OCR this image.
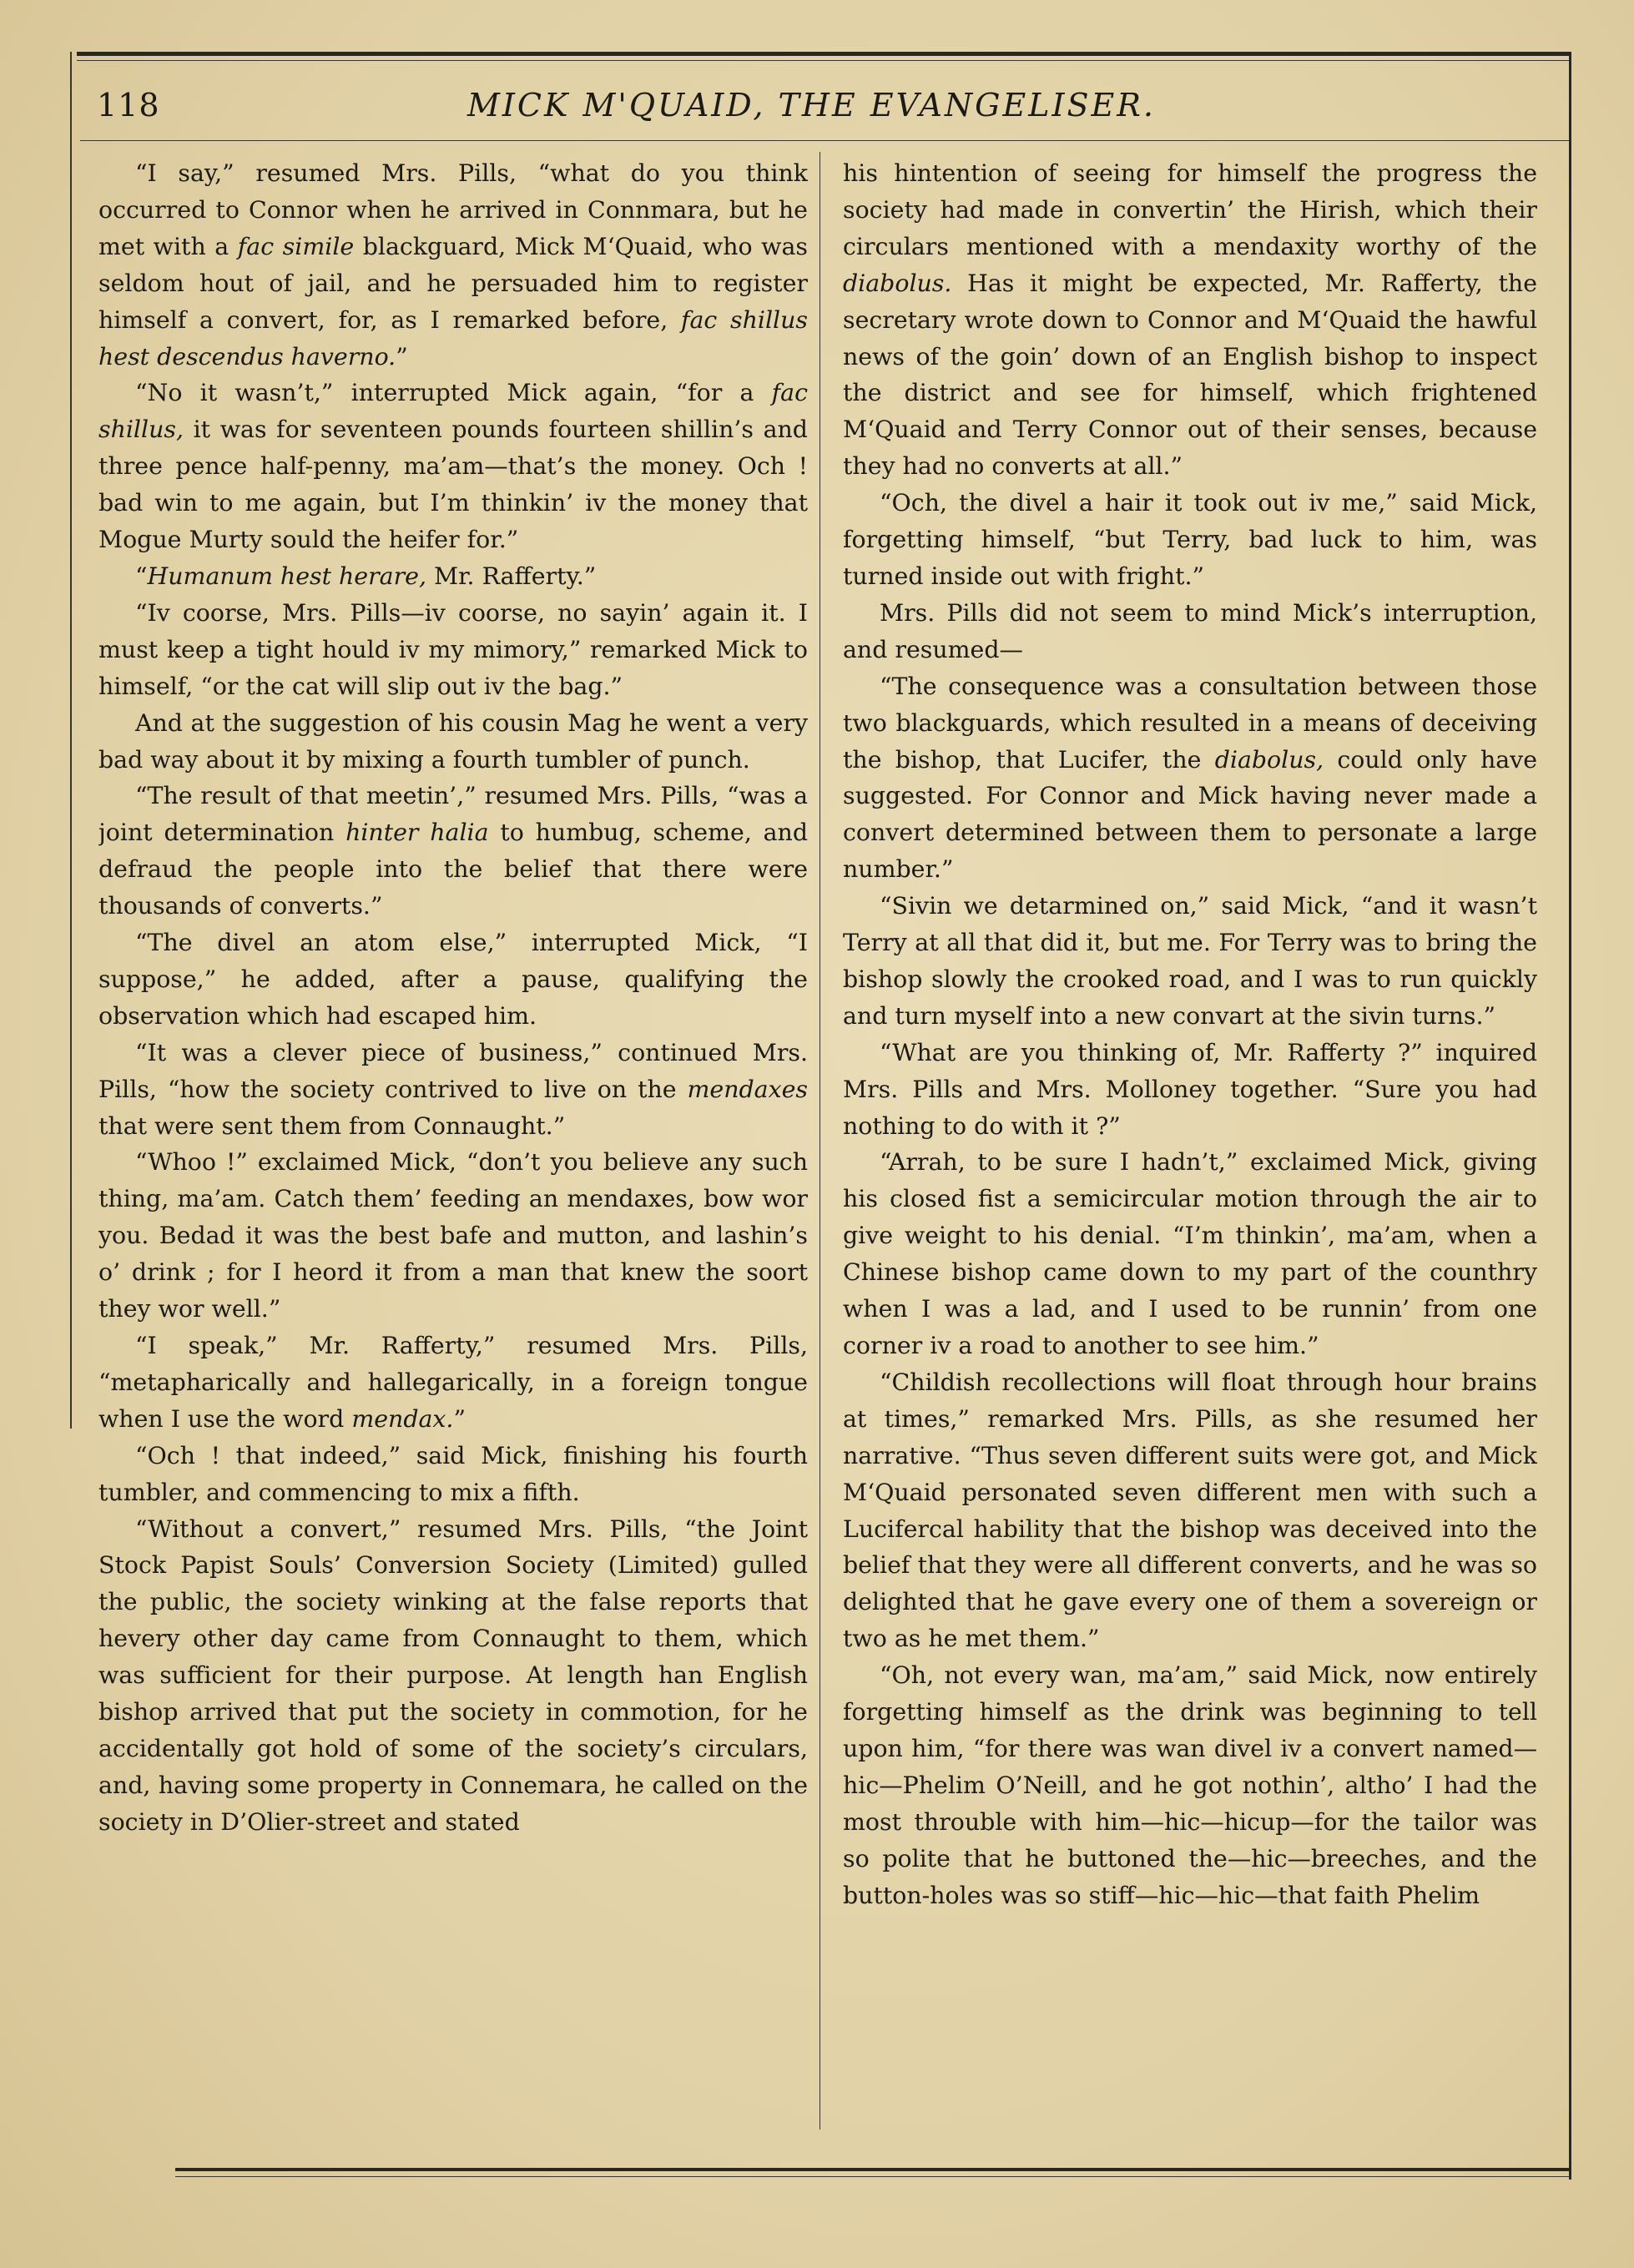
118	MICK M'QUAID, THE EVANGELISER.

“I say,” resumed Mrs. Pills, “what do you think occurred to Connor when he arrived in Connmara, but he met with a fac simile blackguard, Mick M‘Quaid, who was seldom hout of jail, and he persuaded him to register himself a convert, for, as I remarked before, fac shillus hest descendus haverno.”

“No it wasn’t,” interrupted Mick again, “for a fac shillus, it was for seventeen pounds fourteen shillin’s and three pence half-penny, ma’am—that’s the money. Och ! bad win to me again, but I’m thinkin’ iv the money that Mogue Murty sould the heifer for.”

“Humanum hest herare, Mr. Rafferty.”

“Iv coorse, Mrs. Pills—iv coorse, no sayin’ again it. I must keep a tight hould iv my mimory,” remarked Mick to himself, “or the cat will slip out iv the bag.”

And at the suggestion of his cousin Mag he went a very bad way about it by mixing a fourth tumbler of punch.

“The result of that meetin’,” resumed Mrs. Pills, “was a joint determination hinter halia to humbug, scheme, and defraud the people into the belief that there were thousands of converts.”

“The divel an atom else,” interrupted Mick, “I suppose,” he added, after a pause, qualifying the observation which had escaped him.

“It was a clever piece of business,” continued Mrs. Pills, “how the society contrived to live on the mendaxes that were sent them from Connaught.”

“Whoo !” exclaimed Mick, “don’t you believe any such thing, ma’am. Catch them’ feeding an mendaxes, bow wor you. Bedad it was the best bafe and mutton, and lashin’s o’ drink ; for I heord it from a man that knew the soort they wor well.”

“I speak,” Mr. Rafferty,” resumed Mrs. Pills, “metapharically and hallegarically, in a foreign tongue when I use the word mendax.”

“Och ! that indeed,” said Mick, finishing his fourth tumbler, and commencing to mix a fifth.

“Without a convert,” resumed Mrs. Pills, “the Joint Stock Papist Souls’ Conversion Society (Limited) gulled the public, the society winking at the false reports that hevery other day came from Connaught to them, which was sufficient for their purpose. At length han English bishop arrived that put the society in commotion, for he accidentally got hold of some of the society’s circulars, and, having some property in Connemara, he called on the society in D’Olier-street and stated

his hintention of seeing for himself the progress the society had made in convertin’ the Hirish, which their circulars mentioned with a mendaxity worthy of the diabolus. Has it might be expected, Mr. Rafferty, the secretary wrote down to Connor and M‘Quaid the hawful news of the goin’ down of an English bishop to inspect the district and see for himself, which frightened M‘Quaid and Terry Connor out of their senses, because they had no converts at all.”

“Och, the divel a hair it took out iv me,” said Mick, forgetting himself, “but Terry, bad luck to him, was turned inside out with fright.”

Mrs. Pills did not seem to mind Mick’s interruption, and resumed—

“The consequence was a consultation between those two blackguards, which resulted in a means of deceiving the bishop, that Lucifer, the diabolus, could only have suggested. For Connor and Mick having never made a convert determined between them to personate a large number.”

“Sivin we detarmined on,” said Mick, “and it wasn’t Terry at all that did it, but me. For Terry was to bring the bishop slowly the crooked road, and I was to run quickly and turn myself into a new convart at the sivin turns.”

“What are you thinking of, Mr. Rafferty ?” inquired Mrs. Pills and Mrs. Molloney together. “Sure you had nothing to do with it ?”

“Arrah, to be sure I hadn’t,” exclaimed Mick, giving his closed fist a semicircular motion through the air to give weight to his denial. “I’m thinkin’, ma’am, when a Chinese bishop came down to my part of the counthry when I was a lad, and I used to be runnin’ from one corner iv a road to another to see him.”

“Childish recollections will float through hour brains at times,” remarked Mrs. Pills, as she resumed her narrative. “Thus seven different suits were got, and Mick M‘Quaid personated seven different men with such a Luciferca​l hability that the bishop was deceived into the belief that they were all different converts, and he was so delighted that he gave every one of them a sovereign or two as he met them.”

“Oh, not every wan, ma’am,” said Mick, now entirely forgetting himself as the drink was beginning to tell upon him, “for there was wan divel iv a convert named—hic—Phelim O’Neill, and he got nothin’, altho’ I had the most throuble with him—hic—hicup—for the tailor was so polite that he buttoned the—hic—breeches, and the button-holes was so stiff—hic—hic—that faith Phelim
